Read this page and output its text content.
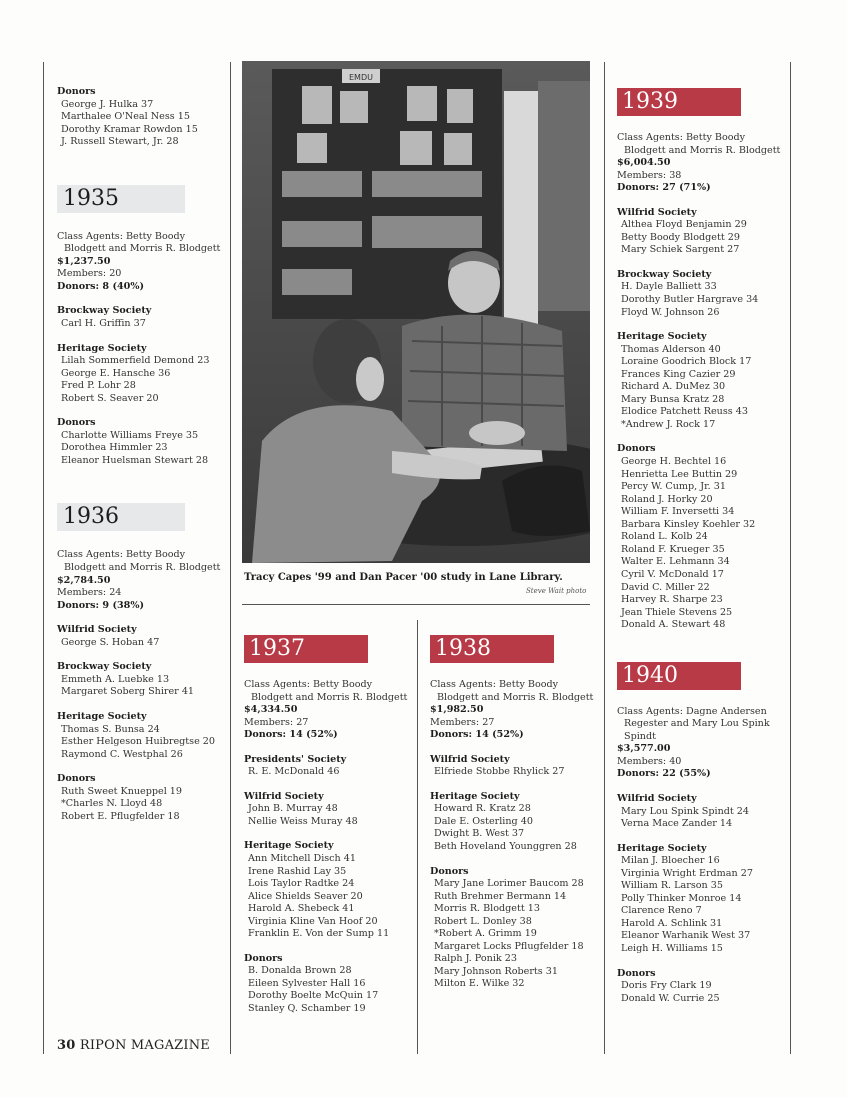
Donors

George J. Hulka 37

Marthalee O'Neal Ness 15

Dorothy Kramar Rowdon 15

J. Russell Stewart, Jr. 28

1935

Class Agents: Betty Boody

Blodgett and Morris R. Blodgett

$1,237.50

Members: 20

Donors: 8 (40%)

Brockway Society

Carl H. Griffin 37

Heritage Society

Lilah Sommerfield Demond 23

George E. Hansche 36

Fred P. Lohr 28

Robert S. Seaver 20

Donors

Charlotte Williams Freye 35

Dorothea Himmler 23

Eleanor Huelsman Stewart 28

1936

Class Agents: Betty Boody

Blodgett and Morris R. Blodgett

$2,784.50

Members: 24

Donors: 9 (38%)

Wilfrid Society

George S. Hoban 47

Brockway Society

Emmeth A. Luebke 13

Margaret Soberg Shirer 41

Heritage Society

Thomas S. Bunsa 24

Esther Helgeson Huibregtse 20

Raymond C. Westphal 26

Donors

Ruth Sweet Knueppel 19

*Charles N. Lloyd 48

Robert E. Pflugfelder 18

EMDU

Tracy Capes '99 and Dan Pacer '00 study in Lane Library.

Steve Wait photo

1937

Class Agents: Betty Boody

Blodgett and Morris R. Blodgett

$4,334.50

Members: 27

Donors: 14 (52%)

Presidents' Society

R. E. McDonald 46

Wilfrid Society

John B. Murray 48

Nellie Weiss Muray 48

Heritage Society

Ann Mitchell Disch 41

Irene Rashid Lay 35

Lois Taylor Radtke 24

Alice Shields Seaver 20

Harold A. Shebeck 41

Virginia Kline Van Hoof 20

Franklin E. Von der Sump 11

Donors

B. Donalda Brown 28

Eileen Sylvester Hall 16

Dorothy Boelte McQuin 17

Stanley Q. Schamber 19

1938

Class Agents: Betty Boody

Blodgett and Morris R. Blodgett

$1,982.50

Members: 27

Donors: 14 (52%)

Wilfrid Society

Elfriede Stobbe Rhylick 27

Heritage Society

Howard R. Kratz 28

Dale E. Osterling 40

Dwight B. West 37

Beth Hoveland Younggren 28

Donors

Mary Jane Lorimer Baucom 28

Ruth Brehmer Bermann 14

Morris R. Blodgett 13

Robert L. Donley 38

*Robert A. Grimm 19

Margaret Locks Pflugfelder 18

Ralph J. Ponik 23

Mary Johnson Roberts 31

Milton E. Wilke 32

1939

Class Agents: Betty Boody

Blodgett and Morris R. Blodgett

$6,004.50

Members: 38

Donors: 27 (71%)

Wilfrid Society

Althea Floyd Benjamin 29

Betty Boody Blodgett 29

Mary Schiek Sargent 27

Brockway Society

H. Dayle Balliett 33

Dorothy Butler Hargrave 34

Floyd W. Johnson 26

Heritage Society

Thomas Alderson 40

Loraine Goodrich Block 17

Frances King Cazier 29

Richard A. DuMez 30

Mary Bunsa Kratz 28

Elodice Patchett Reuss 43

*Andrew J. Rock 17

Donors

George H. Bechtel 16

Henrietta Lee Buttin 29

Percy W. Cump, Jr. 31

Roland J. Horky 20

William F. Inversetti 34

Barbara Kinsley Koehler 32

Roland L. Kolb 24

Roland F. Krueger 35

Walter E. Lehmann 34

Cyril V. McDonald 17

David C. Miller 22

Harvey R. Sharpe 23

Jean Thiele Stevens 25

Donald A. Stewart 48

1940

Class Agents: Dagne Andersen

Regester and Mary Lou Spink

Spindt

$3,577.00

Members: 40

Donors: 22 (55%)

Wilfrid Society

Mary Lou Spink Spindt 24

Verna Mace Zander 14

Heritage Society

Milan J. Bloecher 16

Virginia Wright Erdman 27

William R. Larson 35

Polly Thinker Monroe 14

Clarence Reno 7

Harold A. Schlink 31

Eleanor Warhanik West 37

Leigh H. Williams 15

Donors

Doris Fry Clark 19

Donald W. Currie 25

30 RIPON MAGAZINE
